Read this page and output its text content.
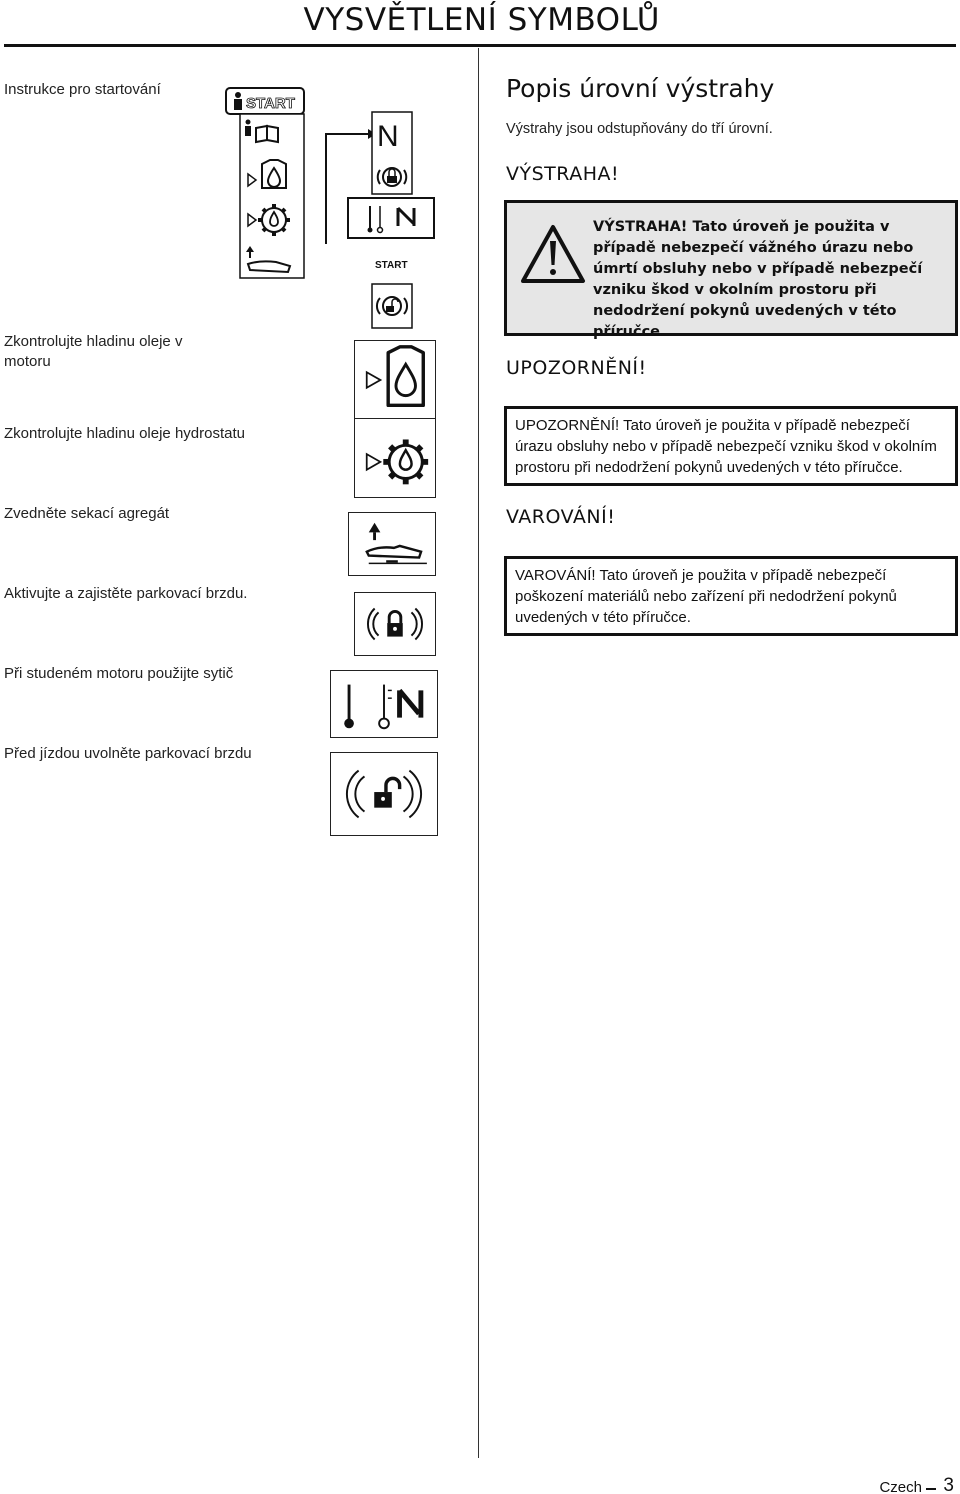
VYSVĚTLENÍ SYMBOLŮ
Instrukce pro startování
Zkontrolujte hladinu oleje v motoru
Zkontrolujte hladinu oleje hydrostatu
Zvedněte sekací agregát
Aktivujte a zajistěte parkovací brzdu.
Při studeném motoru použijte sytič
Před jízdou uvolněte parkovací brzdu
START
N
START
Popis úrovní výstrahy

Výstrahy jsou odstupňovány do tří úrovní.

VÝSTRAHA!
VÝSTRAHA! Tato úroveň je použita v případě nebezpečí vážného úrazu nebo úmrtí obsluhy nebo v případě nebezpečí vzniku škod v okolním prostoru při nedodržení pokynů uvedených v této příručce.
UPOZORNĚNÍ!
UPOZORNĚNÍ! Tato úroveň je použita v případě nebezpečí úrazu obsluhy nebo v případě nebezpečí vzniku škod v okolním prostoru při nedodržení pokynů uvedených v této příručce.
VAROVÁNÍ!
VAROVÁNÍ! Tato úroveň je použita v případě nebezpečí poškození materiálů nebo zařízení při nedodržení pokynů uvedených v této příručce.
Czech 3
